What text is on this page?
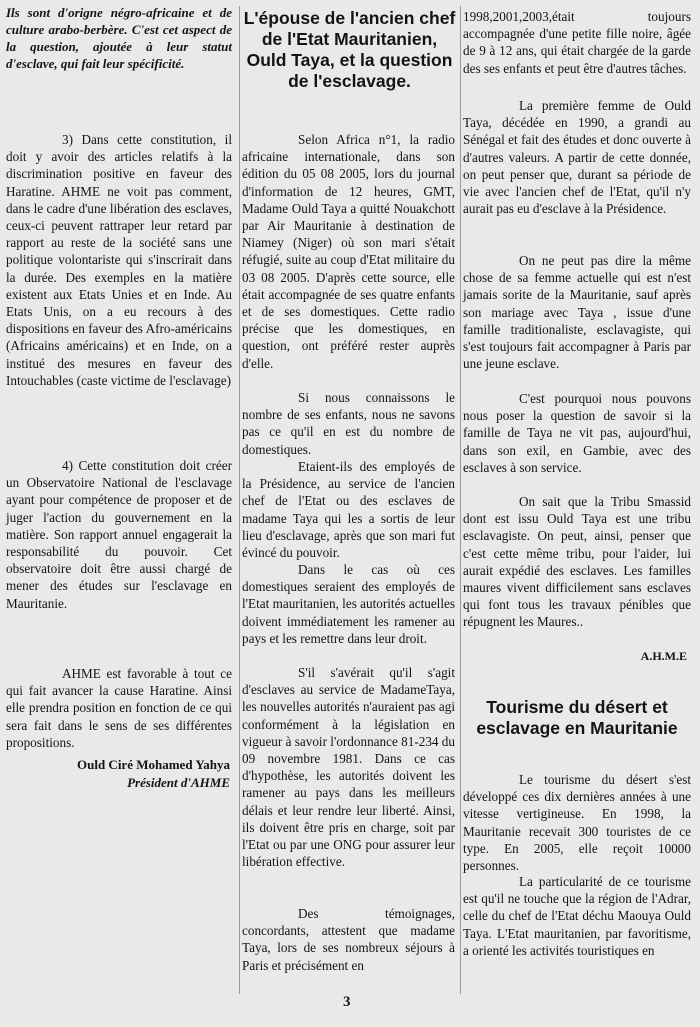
Ils sont d'origne négro-africaine et de culture arabo-berbère. C'est cet aspect de la question, ajoutée à leur statut d'esclave, qui fait leur spécificité.

3) Dans cette constitution, il doit y avoir des articles relatifs à la discrimination positive en faveur des Haratine. AHME ne voit pas comment, dans le cadre d'une libération des esclaves, ceux-ci peuvent rattraper leur retard par rapport au reste de la société sans une politique volontariste qui s'inscrirait dans la durée. Des exemples en la matière existent aux Etats Unies et en Inde. Au Etats Unis, on a eu recours à des dispositions en faveur des Afro-américains (Africains américains) et en Inde, on a institué des mesures en faveur des Intouchables (caste victime de l'esclavage)

4) Cette constitution doit créer un Observatoire National de l'esclavage ayant pour compétence de proposer et de juger l'action du gouvernement en la matière. Son rapport annuel engagerait la responsabilité du pouvoir. Cet observatoire doit être aussi chargé de mener des études sur l'esclavage en Mauritanie.

AHME est favorable à tout ce qui fait avancer la cause Haratine. Ainsi elle prendra position en fonction de ce qui sera fait dans le sens de ses différentes propositions.

Ould Ciré Mohamed Yahya
Président d'AHME
L'épouse de l'ancien chef de l'Etat Mauritanien, Ould Taya, et la question de l'esclavage.

Selon Africa n°1, la radio africaine internationale, dans son édition du 05 08 2005, lors du journal d'information de 12 heures, GMT, Madame Ould Taya a quitté Nouakchott par Air Mauritanie à destination de Niamey (Niger) où son mari s'était réfugié, suite au coup d'Etat militaire du 03 08 2005. D'après cette source, elle était accompagnée de ses quatre enfants et de ses domestiques. Cette radio précise que les domestiques, en question, ont préféré rester auprès d'elle.

Si nous connaissons le nombre de ses enfants, nous ne savons pas ce qu'il en est du nombre de domestiques.

Etaient-ils des employés de la Présidence, au service de l'ancien chef de l'Etat ou des esclaves de madame Taya qui les a sortis de leur lieu d'esclavage, après que son mari fut évincé du pouvoir.

Dans le cas où ces domestiques seraient des employés de l'Etat mauritanien, les autorités actuelles doivent immédiatement les ramener au pays et les remettre dans leur droit.

S'il s'avérait qu'il s'agit d'esclaves au service de MadameTaya, les nouvelles autorités n'auraient pas agi conformément à la législation en vigueur à savoir l'ordonnance 81-234 du 09 novembre 1981. Dans ce cas d'hypothèse, les autorités doivent les ramener au pays dans les meilleurs délais et leur rendre leur liberté. Ainsi, ils doivent être pris en charge, soit par l'Etat ou par une ONG pour assurer leur libération effective.

Des témoignages, concordants, attestent que madame Taya, lors de ses nombreux séjours à Paris et précisément en

1998,2001,2003,était toujours accompagnée d'une petite fille noire, âgée de 9 à 12 ans, qui était chargée de la garde des ses enfants et peut être d'autres tâches.

La première femme de Ould Taya, décédée en 1990, a grandi au Sénégal et fait des études et donc ouverte à d'autres valeurs. A partir de cette donnée, on peut penser que, durant sa période de vie avec l'ancien chef de l'Etat, qu'il n'y aurait pas eu d'esclave à la Présidence.

On ne peut pas dire la même chose de sa femme actuelle qui est n'est jamais sorite de la Mauritanie, sauf après son mariage avec Taya , issue d'une famille traditionaliste, esclavagiste, qui s'est toujours fait accompagner à Paris par une jeune esclave.

C'est pourquoi nous pouvons nous poser la question de savoir si la famille de Taya ne vit pas, aujourd'hui, dans son exil, en Gambie, avec des esclaves à son service.

On sait que la Tribu Smassid dont est issu Ould Taya est une tribu esclavagiste. On peut, ainsi, penser que c'est cette même tribu, pour l'aider, lui aurait expédié des esclaves. Les familles maures vivent difficilement sans esclaves qui font tous les travaux pénibles que répugnent les Maures..

A.H.M.E
Tourisme du désert et esclavage en Mauritanie

Le tourisme du désert s'est développé ces dix dernières années à une vitesse vertigineuse. En 1998, la Mauritanie recevait 300 touristes de ce type. En 2005, elle reçoit 10000 personnes.

La particularité de ce tourisme est qu'il ne touche que la région de l'Adrar, celle du chef de l'Etat déchu Maouya Ould Taya. L'Etat mauritanien, par favoritisme, a orienté les activités touristiques en

3
